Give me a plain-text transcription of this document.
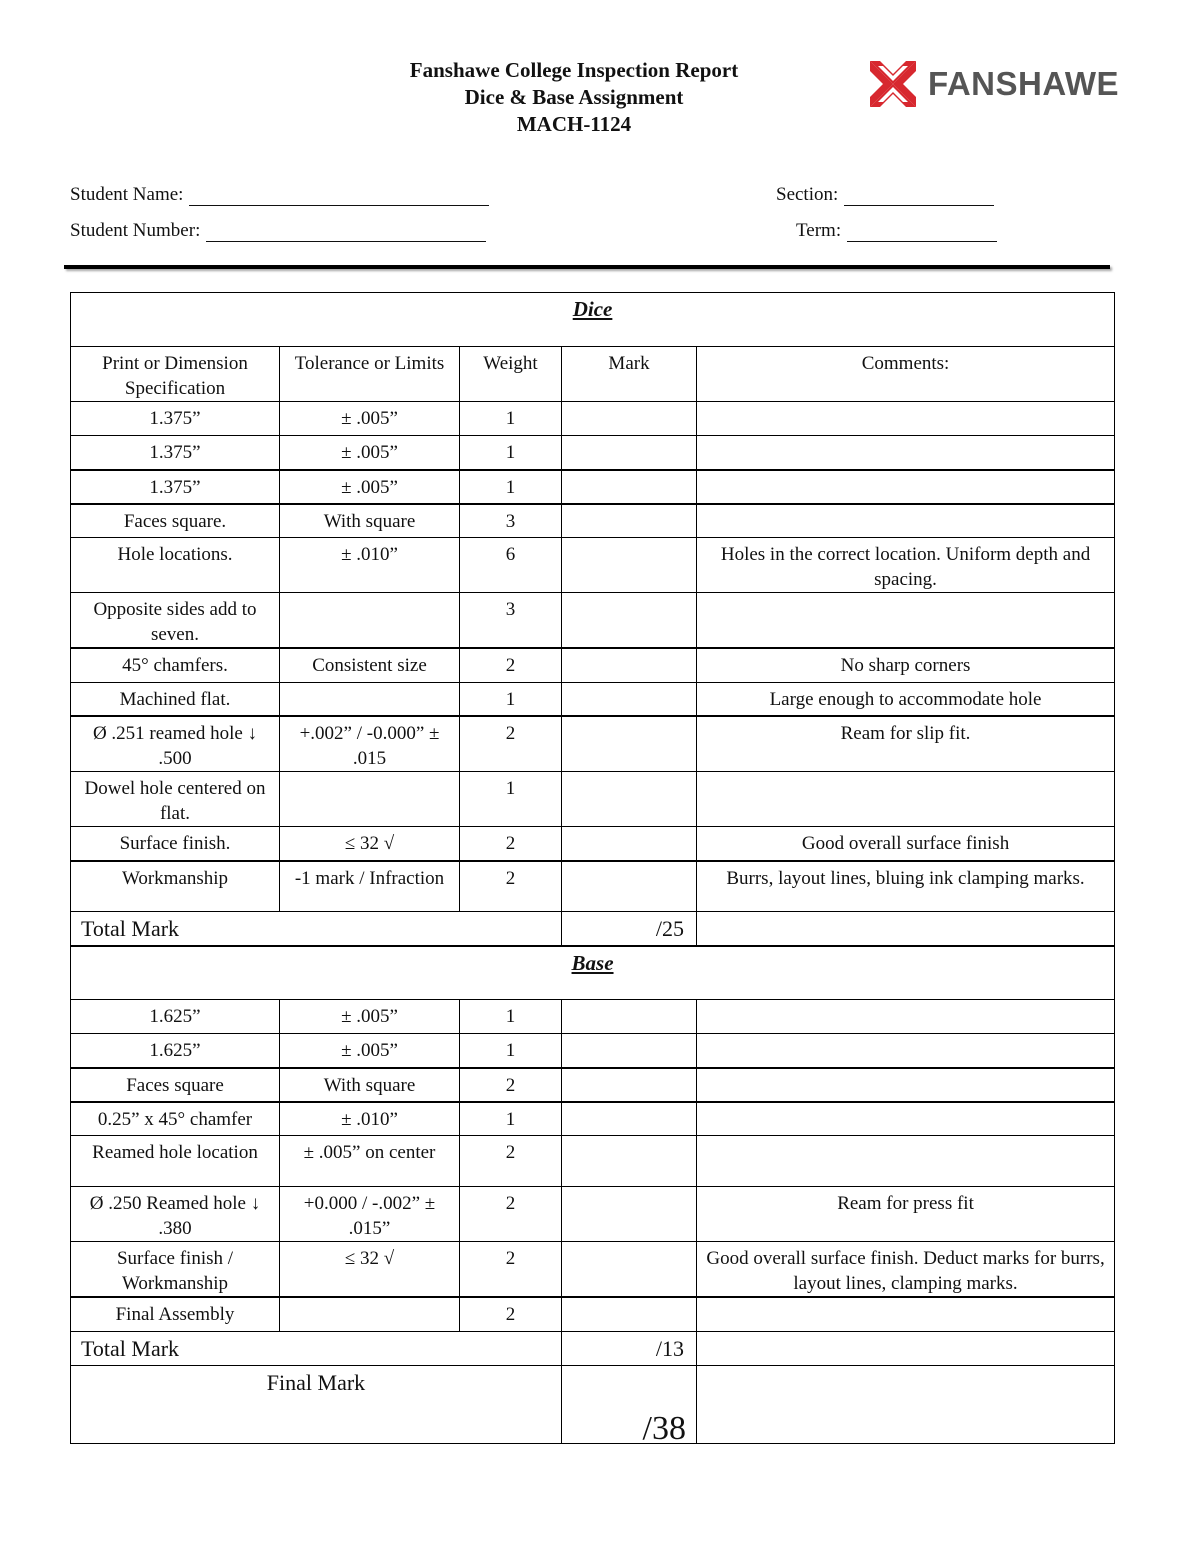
Fanshawe College Inspection Report
Dice & Base Assignment
MACH-1124
FANSHAWE
Student Name:
Student Number:
Section:
Term:
Dice				
Print or Dimension Specification	Tolerance or Limits	Weight	Mark	Comments:
1.375”	± .005”	1		
1.375”	± .005”	1		
1.375”	± .005”	1		
Faces square.	With square	3		
Hole locations.	± .010”	6		Holes in the correct location. Uniform depth and spacing.
Opposite sides add to seven.		3		
45° chamfers.	Consistent size	2		No sharp corners
Machined flat.		1		Large enough to accommodate hole
Ø .251 reamed hole ↓ .500	+.002” / -0.000” ± .015	2		Ream for slip fit.
Dowel hole centered on flat.		1		
Surface finish.	≤ 32 √	2		Good overall surface finish
Workmanship	-1 mark / Infraction	2		Burrs, layout lines, bluing ink clamping marks.
Total Mark			/25	
Base				
1.625”	± .005”	1		
1.625”	± .005”	1		
Faces square	With square	2		
0.25” x 45° chamfer	± .010”	1		
Reamed hole location	± .005” on center	2		
Ø .250 Reamed hole ↓ .380	+0.000 / -.002” ± .015”	2		Ream for press fit
Surface finish / Workmanship	≤ 32 √	2		Good overall surface finish. Deduct marks for burrs, layout lines, clamping marks.
Final Assembly		2		
Total Mark			/13	
Final Mark			/38	
